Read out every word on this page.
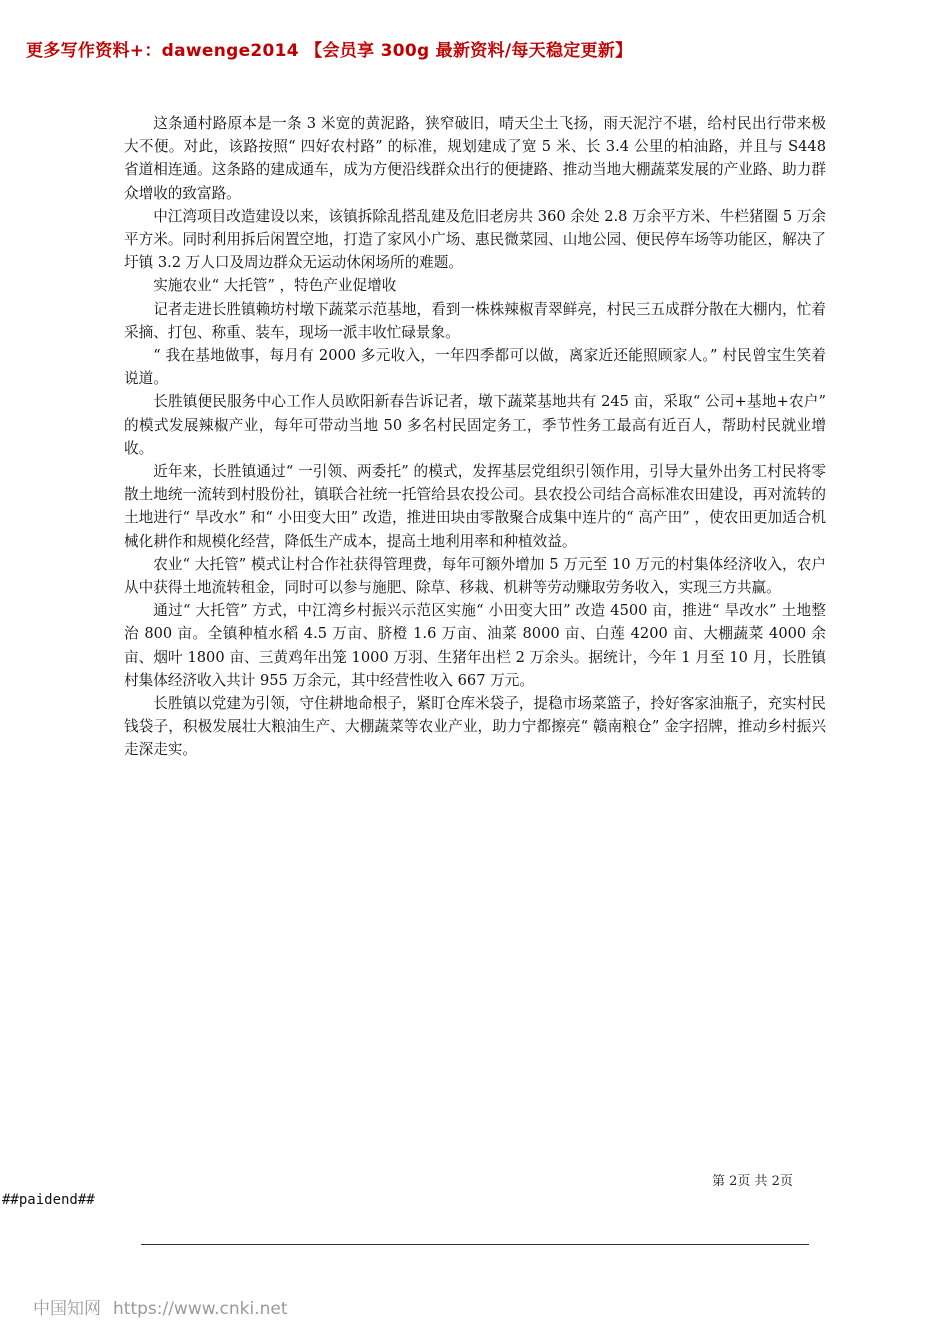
更多写作资料+：dawenge2014 【会员享 300g 最新资料/每天稳定更新】

这条通村路原本是一条 3 米宽的黄泥路，狭窄破旧，晴天尘土飞扬，雨天泥泞不堪，给村民出行带来极大不便。对此，该路按照“ 四好农村路” 的标准，规划建成了宽 5 米、长 3.4 公里的柏油路，并且与 S448 省道相连通。这条路的建成通车，成为方便沿线群众出行的便捷路、推动当地大棚蔬菜发展的产业路、助力群众增收的致富路。

中江湾项目改造建设以来，该镇拆除乱搭乱建及危旧老房共 360 余处 2.8 万余平方米、牛栏猪圈 5 万余平方米。同时利用拆后闲置空地，打造了家风小广场、惠民微菜园、山地公园、便民停车场等功能区，解决了圩镇 3.2 万人口及周边群众无运动休闲场所的难题。

实施农业“ 大托管” ，特色产业促增收

记者走进长胜镇赖坊村墩下蔬菜示范基地，看到一株株辣椒青翠鲜亮，村民三五成群分散在大棚内，忙着采摘、打包、称重、装车，现场一派丰收忙碌景象。

“ 我在基地做事，每月有 2000 多元收入，一年四季都可以做，离家近还能照顾家人。” 村民曾宝生笑着说道。

长胜镇便民服务中心工作人员欧阳新春告诉记者，墩下蔬菜基地共有 245 亩，采取“ 公司+基地+农户” 的模式发展辣椒产业，每年可带动当地 50 多名村民固定务工，季节性务工最高有近百人，帮助村民就业增收。

近年来，长胜镇通过“ 一引领、两委托” 的模式，发挥基层党组织引领作用，引导大量外出务工村民将零散土地统一流转到村股份社，镇联合社统一托管给县农投公司。县农投公司结合高标准农田建设，再对流转的土地进行“ 旱改水” 和“ 小田变大田” 改造，推进田块由零散聚合成集中连片的“ 高产田” ，使农田更加适合机械化耕作和规模化经营，降低生产成本，提高土地利用率和种植效益。

农业“ 大托管” 模式让村合作社获得管理费，每年可额外增加 5 万元至 10 万元的村集体经济收入，农户从中获得土地流转租金，同时可以参与施肥、除草、移栽、机耕等劳动赚取劳务收入，实现三方共赢。

通过“ 大托管” 方式，中江湾乡村振兴示范区实施“ 小田变大田” 改造 4500 亩，推进“ 旱改水” 土地整治 800 亩。全镇种植水稻 4.5 万亩、脐橙 1.6 万亩、油菜 8000 亩、白莲 4200 亩、大棚蔬菜 4000 余亩、烟叶 1800 亩、三黄鸡年出笼 1000 万羽、生猪年出栏 2 万余头。据统计，今年 1 月至 10 月，长胜镇村集体经济收入共计 955 万余元，其中经营性收入 667 万元。

长胜镇以党建为引领，守住耕地命根子，紧盯仓库米袋子，提稳市场菜篮子，拎好客家油瓶子，充实村民钱袋子，积极发展壮大粮油生产、大棚蔬菜等农业产业，助力宁都擦亮“ 赣南粮仓” 金字招牌，推动乡村振兴走深走实。

第 2页 共 2页
##paidend##
中国知网 https://www.cnki.net
